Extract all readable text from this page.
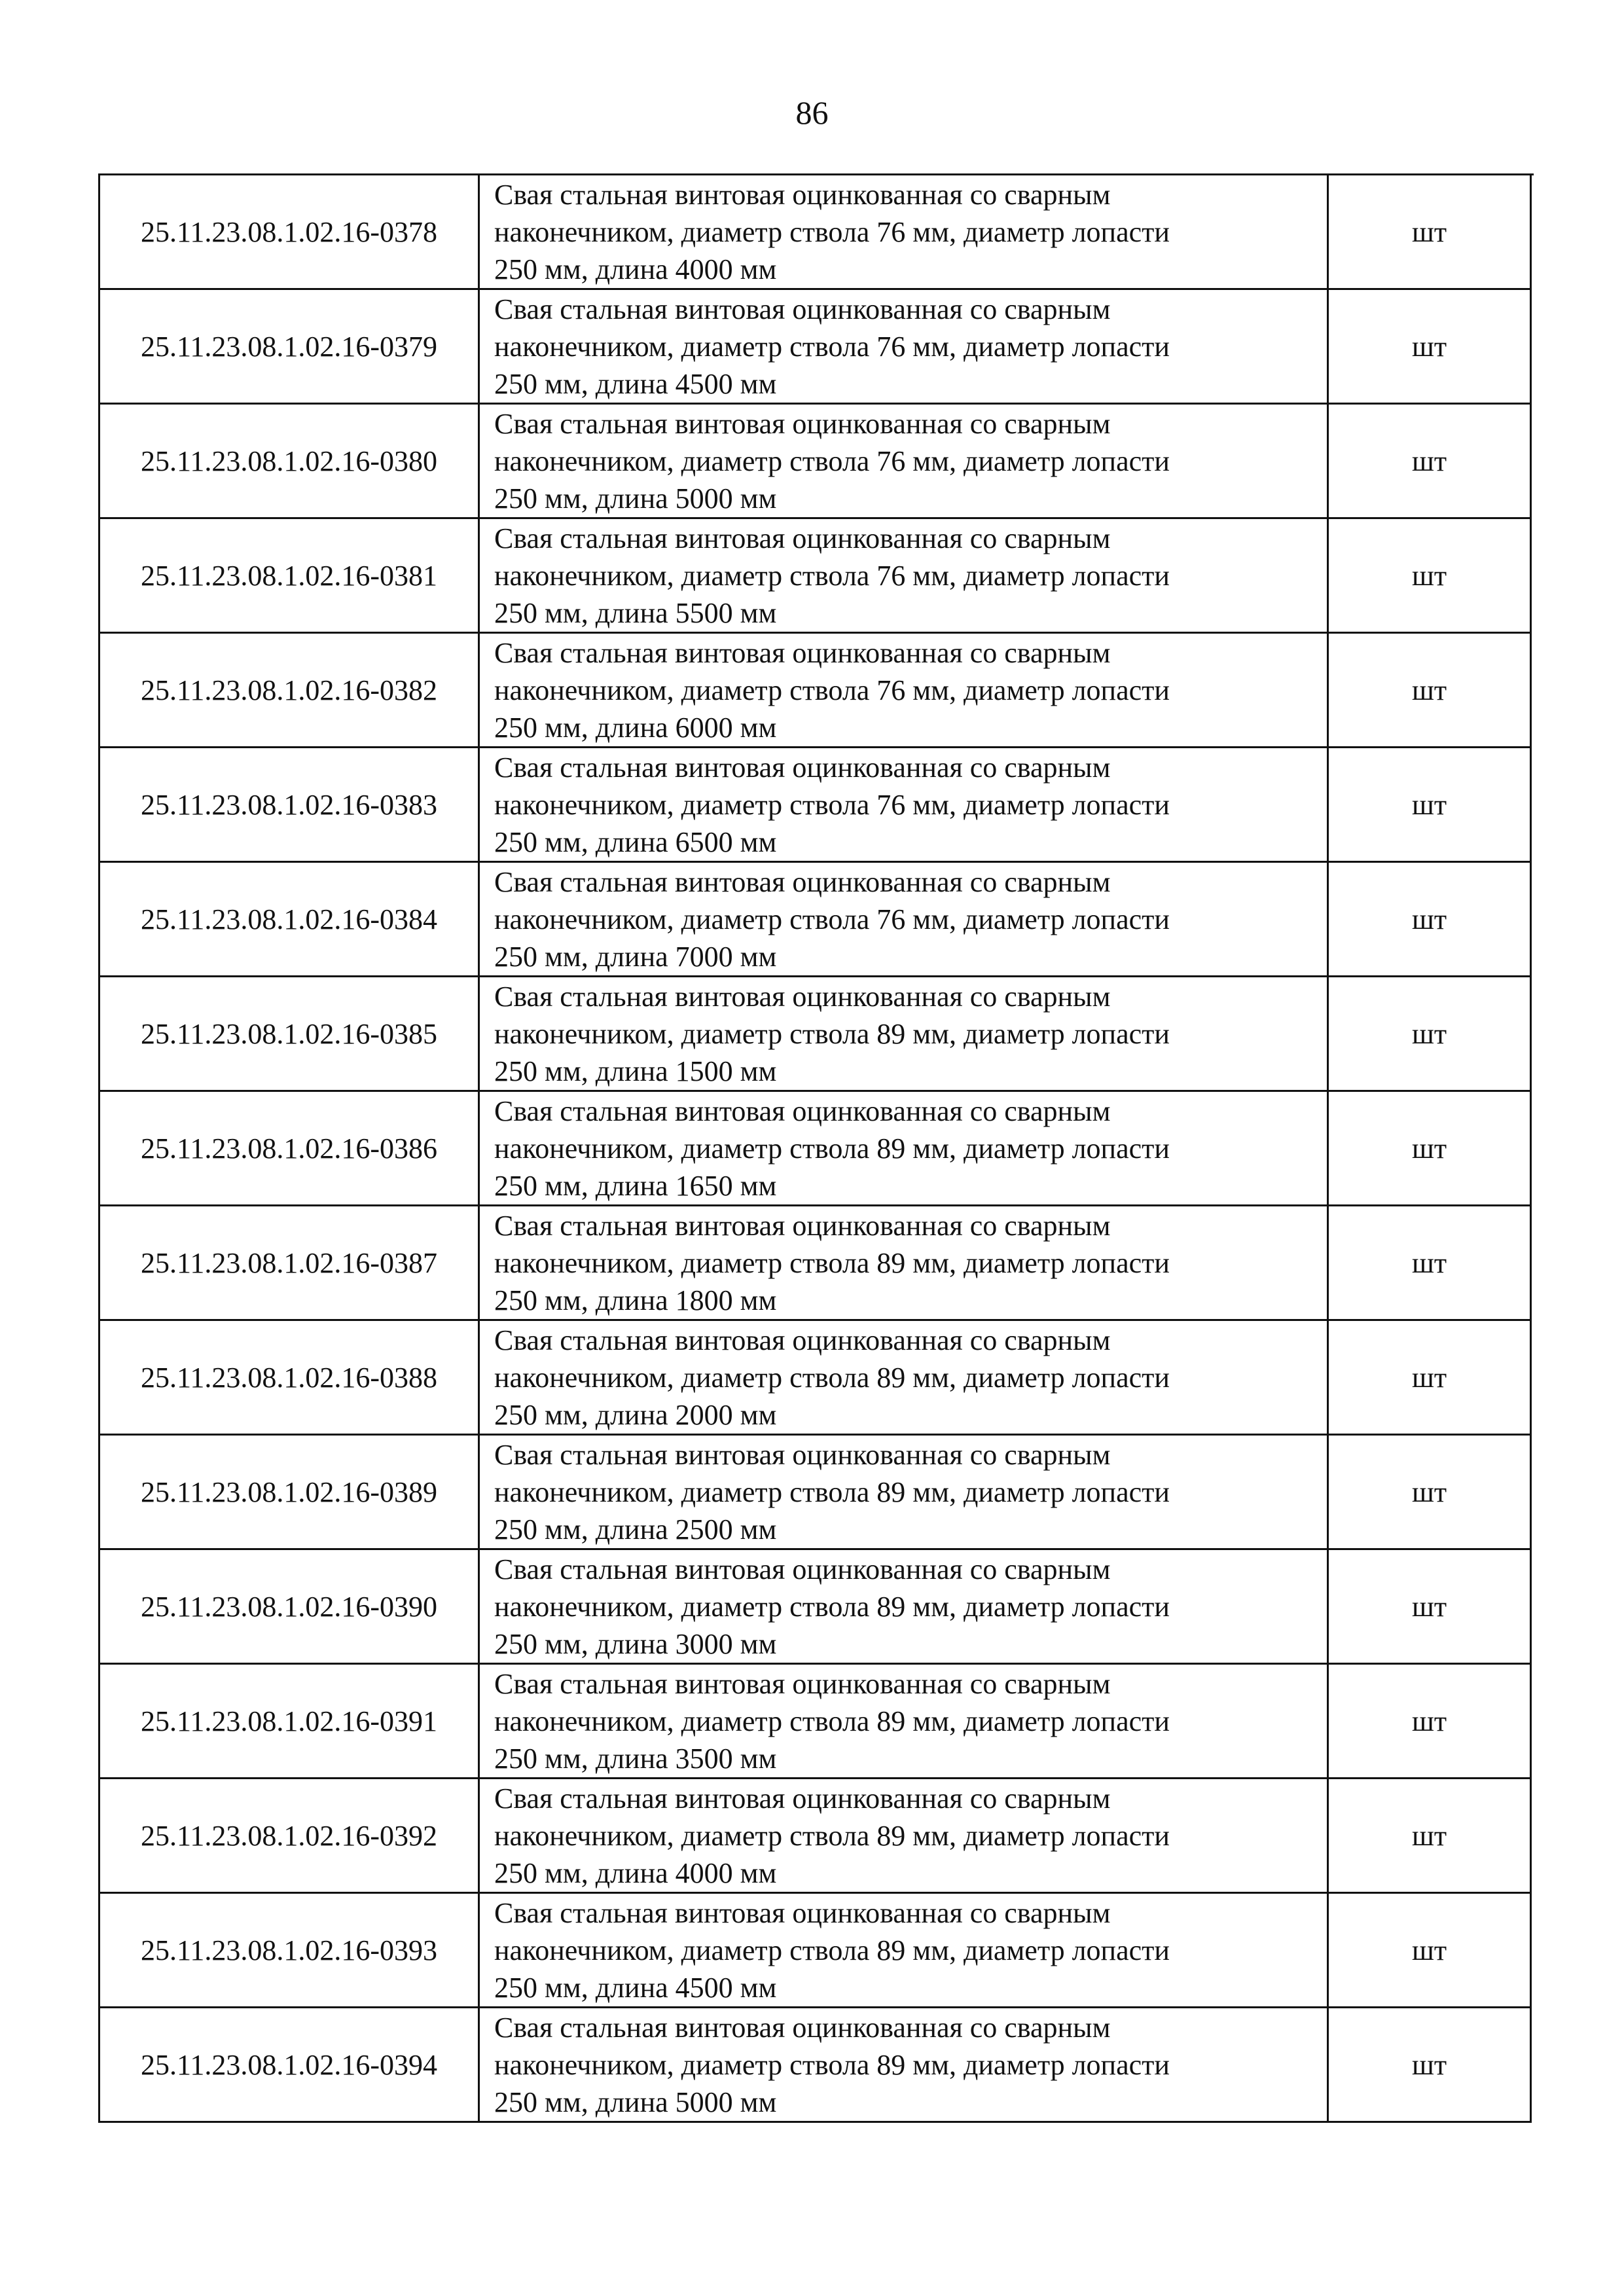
86
25.11.23.08.1.02.16-0378
Свая стальная винтовая оцинкованная со сварным
наконечником, диаметр ствола 76 мм, диаметр лопасти
250 мм, длина 4000 мм
шт
25.11.23.08.1.02.16-0379
Свая стальная винтовая оцинкованная со сварным
наконечником, диаметр ствола 76 мм, диаметр лопасти
250 мм, длина 4500 мм
шт
25.11.23.08.1.02.16-0380
Свая стальная винтовая оцинкованная со сварным
наконечником, диаметр ствола 76 мм, диаметр лопасти
250 мм, длина 5000 мм
шт
25.11.23.08.1.02.16-0381
Свая стальная винтовая оцинкованная со сварным
наконечником, диаметр ствола 76 мм, диаметр лопасти
250 мм, длина 5500 мм
шт
25.11.23.08.1.02.16-0382
Свая стальная винтовая оцинкованная со сварным
наконечником, диаметр ствола 76 мм, диаметр лопасти
250 мм, длина 6000 мм
шт
25.11.23.08.1.02.16-0383
Свая стальная винтовая оцинкованная со сварным
наконечником, диаметр ствола 76 мм, диаметр лопасти
250 мм, длина 6500 мм
шт
25.11.23.08.1.02.16-0384
Свая стальная винтовая оцинкованная со сварным
наконечником, диаметр ствола 76 мм, диаметр лопасти
250 мм, длина 7000 мм
шт
25.11.23.08.1.02.16-0385
Свая стальная винтовая оцинкованная со сварным
наконечником, диаметр ствола 89 мм, диаметр лопасти
250 мм, длина 1500 мм
шт
25.11.23.08.1.02.16-0386
Свая стальная винтовая оцинкованная со сварным
наконечником, диаметр ствола 89 мм, диаметр лопасти
250 мм, длина 1650 мм
шт
25.11.23.08.1.02.16-0387
Свая стальная винтовая оцинкованная со сварным
наконечником, диаметр ствола 89 мм, диаметр лопасти
250 мм, длина 1800 мм
шт
25.11.23.08.1.02.16-0388
Свая стальная винтовая оцинкованная со сварным
наконечником, диаметр ствола 89 мм, диаметр лопасти
250 мм, длина 2000 мм
шт
25.11.23.08.1.02.16-0389
Свая стальная винтовая оцинкованная со сварным
наконечником, диаметр ствола 89 мм, диаметр лопасти
250 мм, длина 2500 мм
шт
25.11.23.08.1.02.16-0390
Свая стальная винтовая оцинкованная со сварным
наконечником, диаметр ствола 89 мм, диаметр лопасти
250 мм, длина 3000 мм
шт
25.11.23.08.1.02.16-0391
Свая стальная винтовая оцинкованная со сварным
наконечником, диаметр ствола 89 мм, диаметр лопасти
250 мм, длина 3500 мм
шт
25.11.23.08.1.02.16-0392
Свая стальная винтовая оцинкованная со сварным
наконечником, диаметр ствола 89 мм, диаметр лопасти
250 мм, длина 4000 мм
шт
25.11.23.08.1.02.16-0393
Свая стальная винтовая оцинкованная со сварным
наконечником, диаметр ствола 89 мм, диаметр лопасти
250 мм, длина 4500 мм
шт
25.11.23.08.1.02.16-0394
Свая стальная винтовая оцинкованная со сварным
наконечником, диаметр ствола 89 мм, диаметр лопасти
250 мм, длина 5000 мм
шт
